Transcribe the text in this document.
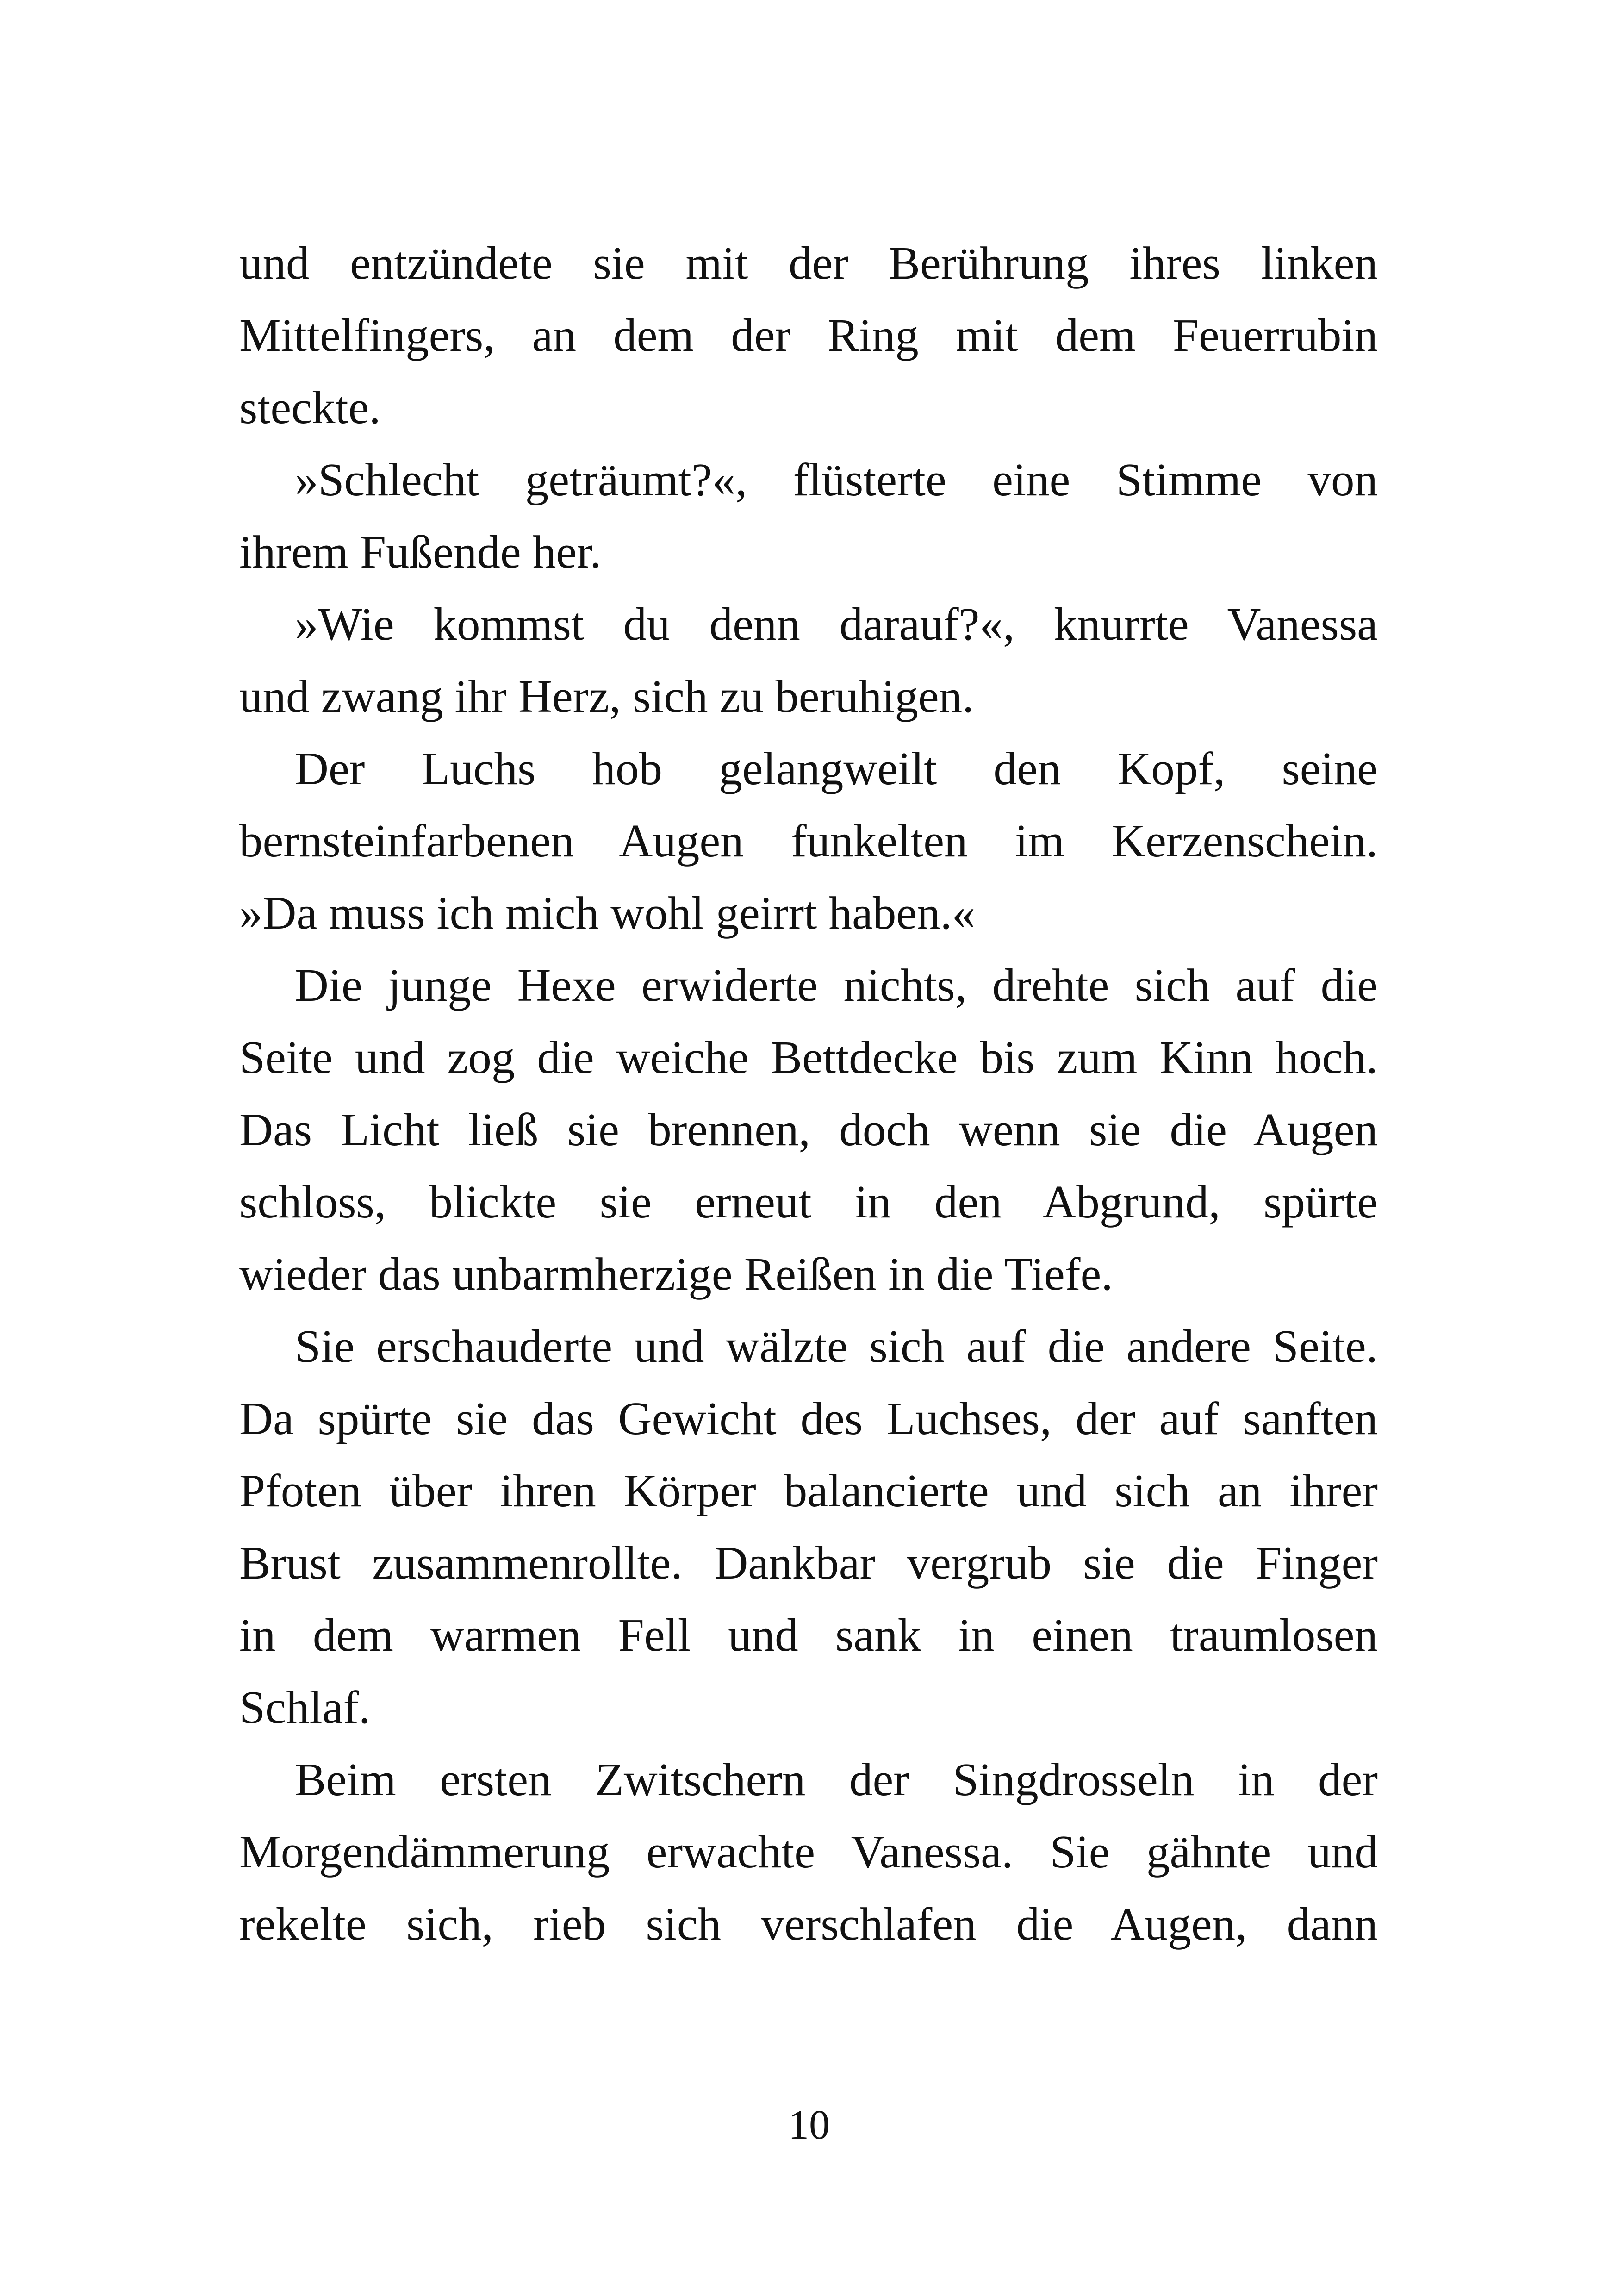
und entzündete sie mit der Berührung ihres linken
Mittelfingers, an dem der Ring mit dem Feuerrubin
steckte.
»Schlecht geträumt?«, flüsterte eine Stimme von
ihrem Fußende her.
»Wie kommst du denn darauf?«, knurrte Vanessa
und zwang ihr Herz, sich zu beruhigen.
Der Luchs hob gelangweilt den Kopf, seine
bernsteinfarbenen Augen funkelten im Kerzenschein.
»Da muss ich mich wohl geirrt haben.«
Die junge Hexe erwiderte nichts, drehte sich auf die
Seite und zog die weiche Bettdecke bis zum Kinn hoch.
Das Licht ließ sie brennen, doch wenn sie die Augen
schloss, blickte sie erneut in den Abgrund, spürte
wieder das unbarmherzige Reißen in die Tiefe.
Sie erschauderte und wälzte sich auf die andere Seite.
Da spürte sie das Gewicht des Luchses, der auf sanften
Pfoten über ihren Körper balancierte und sich an ihrer
Brust zusammenrollte. Dankbar vergrub sie die Finger
in dem warmen Fell und sank in einen traumlosen
Schlaf.
Beim ersten Zwitschern der Singdrosseln in der
Morgendämmerung erwachte Vanessa. Sie gähnte und
rekelte sich, rieb sich verschlafen die Augen, dann
10
